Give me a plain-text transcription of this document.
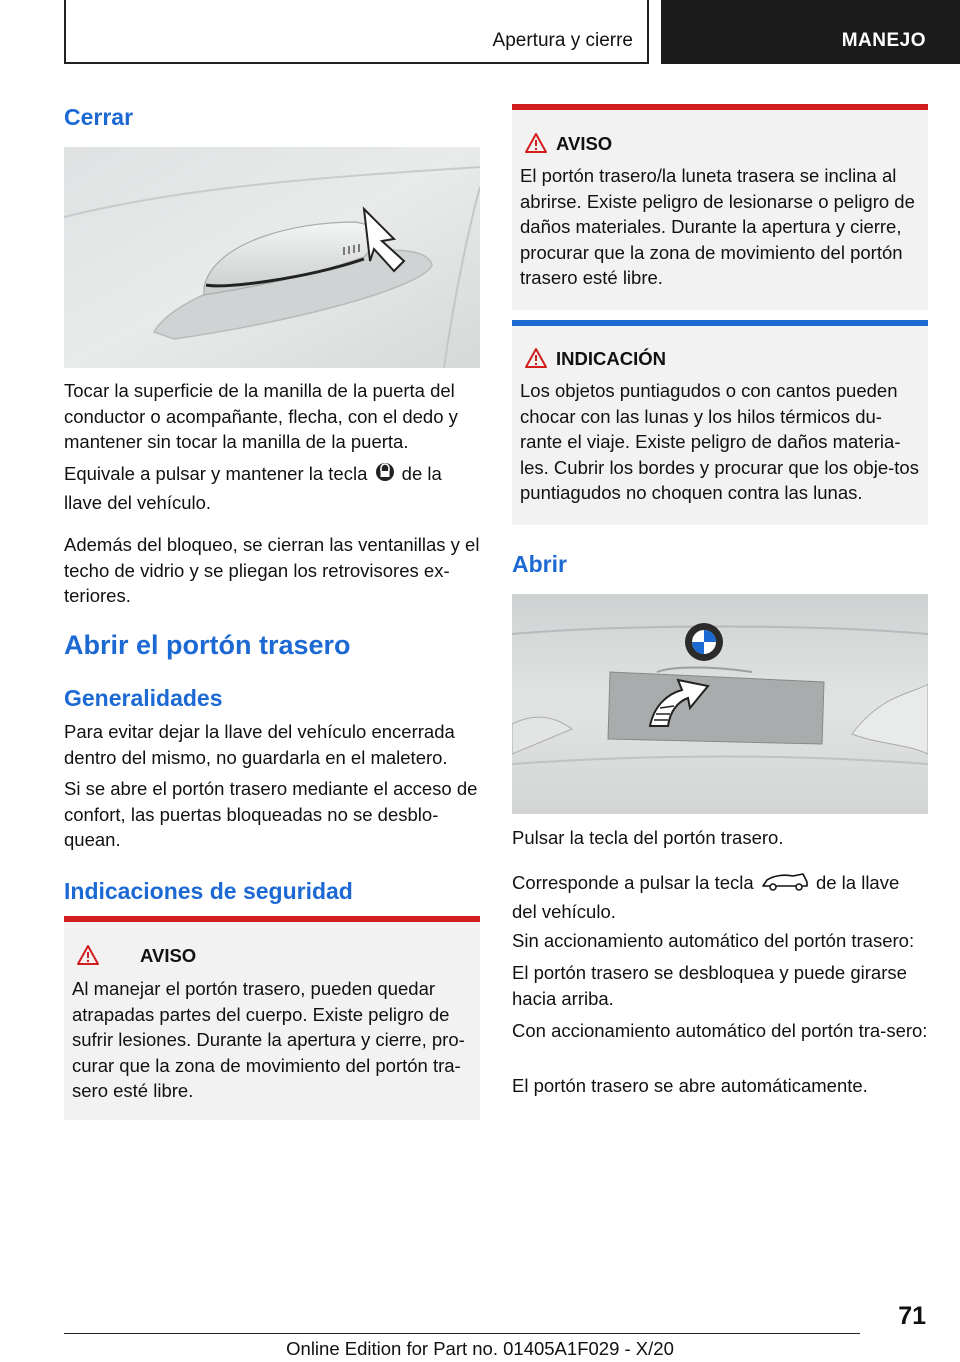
Apertura y cierre	MANEJO
Cerrar

Tocar la superficie de la manilla de la puerta del conductor o acompañante, flecha, con el dedo y mantener sin tocar la manilla de la puerta.

Equivale a pulsar y mantener la tecla de la llave del vehículo.

Además del bloqueo, se cierran las ventanillas y el techo de vidrio y se pliegan los retrovisores ex-teriores.

Abrir el portón trasero
Generalidades

Para evitar dejar la llave del vehículo encerrada dentro del mismo, no guardarla en el maletero.

Si se abre el portón trasero mediante el acceso de confort, las puertas bloqueadas no se desblo-quean.

Indicaciones de seguridad
AVISO

Al manejar el portón trasero, pueden quedar atrapadas partes del cuerpo. Existe peligro de sufrir lesiones. Durante la apertura y cierre, pro-curar que la zona de movimiento del portón tra-sero esté libre.

AVISO

El portón trasero/la luneta trasera se inclina al abrirse. Existe peligro de lesionarse o peligro de daños materiales. Durante la apertura y cierre, procurar que la zona de movimiento del portón trasero esté libre.

INDICACIÓN

Los objetos puntiagudos o con cantos pueden chocar con las lunas y los hilos térmicos du-rante el viaje. Existe peligro de daños materia-les. Cubrir los bordes y procurar que los obje-tos puntiagudos no choquen contra las lunas.

Abrir

Pulsar la tecla del portón trasero.

Corresponde a pulsar la tecla	de la llave del vehículo.

Sin accionamiento automático del portón trasero:

El portón trasero se desbloquea y puede girarse hacia arriba.

Con accionamiento automático del portón tra-sero:

El portón trasero se abre automáticamente.

71
Online Edition for Part no. 01405A1F029 - X/20
